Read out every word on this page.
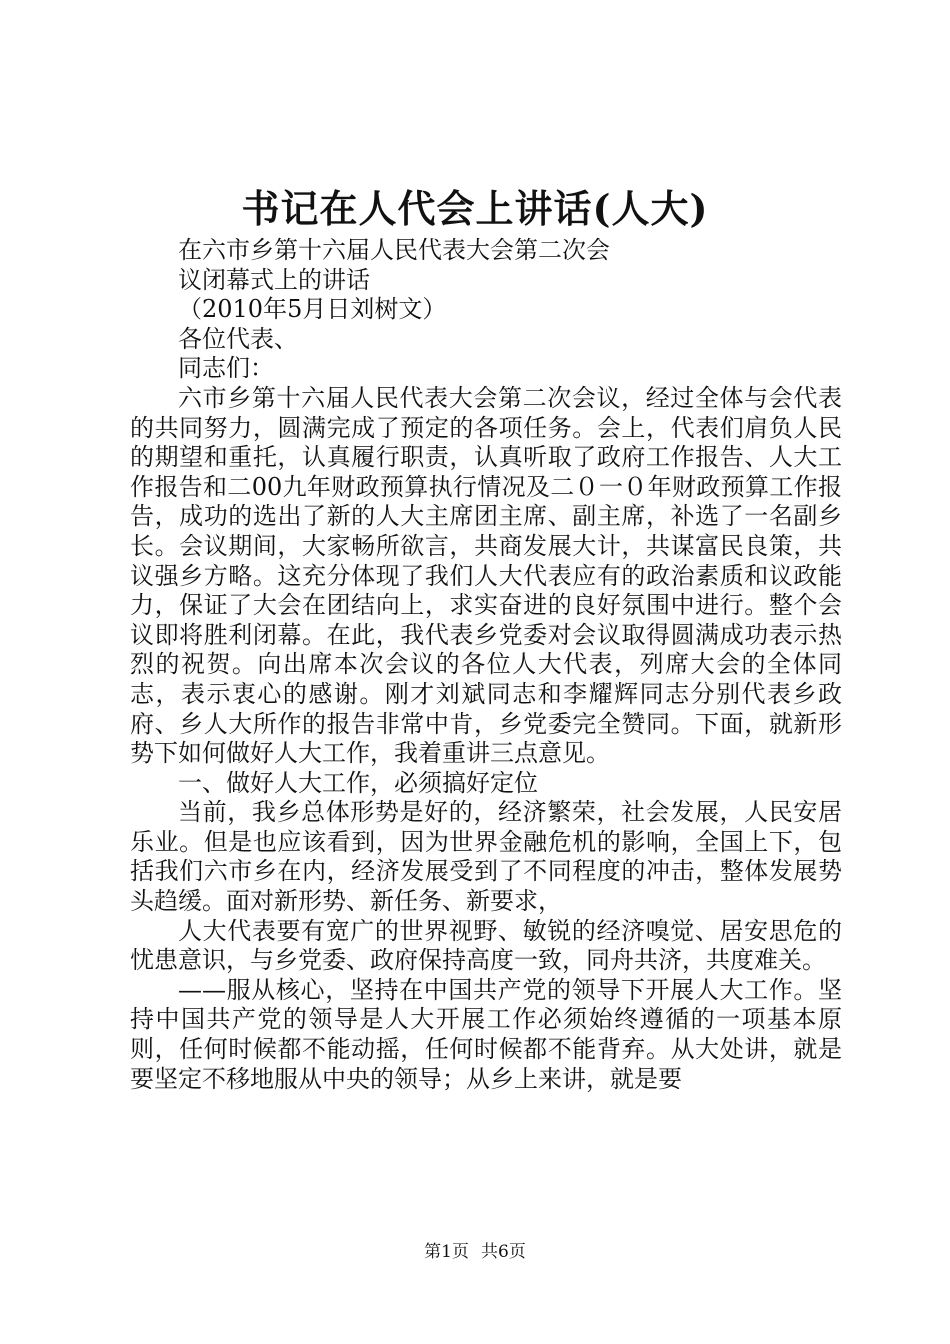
书记在人代会上讲话(人大)

在六市乡第十六届人民代表大会第二次会

议闭幕式上的讲话

（2010年5月日刘树文）

各位代表、

同志们：

六市乡第十六届人民代表大会第二次会议，经过全体与会代表的共同努力，圆满完成了预定的各项任务。会上，代表们肩负人民的期望和重托，认真履行职责，认真听取了政府工作报告、人大工作报告和二00九年财政预算执行情况及二０一０年财政预算工作报告，成功的选出了新的人大主席团主席、副主席，补选了一名副乡长。会议期间，大家畅所欲言，共商发展大计，共谋富民良策，共议强乡方略。这充分体现了我们人大代表应有的政治素质和议政能力，保证了大会在团结向上，求实奋进的良好氛围中进行。整个会议即将胜利闭幕。在此，我代表乡党委对会议取得圆满成功表示热烈的祝贺。向出席本次会议的各位人大代表，列席大会的全体同志，表示衷心的感谢。刚才刘斌同志和李耀辉同志分别代表乡政府、乡人大所作的报告非常中肯，乡党委完全赞同。下面，就新形势下如何做好人大工作，我着重讲三点意见。

一、做好人大工作，必须搞好定位

当前，我乡总体形势是好的，经济繁荣，社会发展，人民安居乐业。但是也应该看到，因为世界金融危机的影响，全国上下，包括我们六市乡在内，经济发展受到了不同程度的冲击，整体发展势头趋缓。面对新形势、新任务、新要求，

人大代表要有宽广的世界视野、敏锐的经济嗅觉、居安思危的忧患意识，与乡党委、政府保持高度一致，同舟共济，共度难关。

——服从核心，坚持在中国共产党的领导下开展人大工作。坚持中国共产党的领导是人大开展工作必须始终遵循的一项基本原则，任何时候都不能动摇，任何时候都不能背弃。从大处讲，就是要坚定不移地服从中央的领导；从乡上来讲，就是要

第1页 共6页
